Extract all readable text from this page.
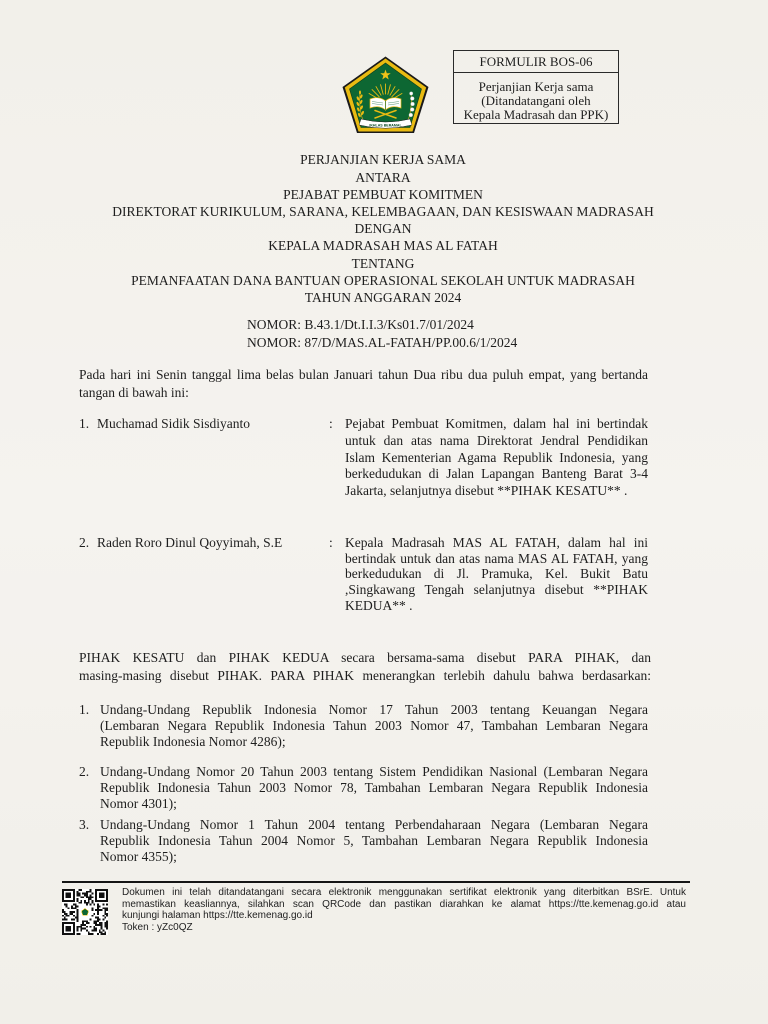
IKHLAS BERAMAL
FORMULIR BOS-06
Perjanjian Kerja sama
(Ditandatangani oleh
Kepala Madrasah dan PPK)
PERJANJIAN KERJA SAMA
ANTARA
PEJABAT PEMBUAT KOMITMEN
DIREKTORAT KURIKULUM, SARANA, KELEMBAGAAN, DAN KESISWAAN MADRASAH
DENGAN
KEPALA MADRASAH MAS AL FATAH
TENTANG
PEMANFAATAN DANA BANTUAN OPERASIONAL SEKOLAH UNTUK MADRASAH
TAHUN ANGGARAN 2024
NOMOR: B.43.1/Dt.I.I.3/Ks01.7/01/2024
NOMOR: 87/D/MAS.AL-FATAH/PP.00.6/1/2024
Pada hari ini Senin tanggal lima belas bulan Januari tahun Dua ribu dua puluh empat, yang bertanda
tangan di bawah ini:
1. Muchamad Sidik Sisdiyanto	: Pejabat Pembuat Komitmen, dalam hal ini bertindak
untuk dan atas nama Direktorat Jendral Pendidikan
Islam Kementerian Agama Republik Indonesia, yang
berkedudukan di Jalan Lapangan Banteng Barat 3-4
Jakarta, selanjutnya disebut **PIHAK KESATU** .
2. Raden Roro Dinul Qoyyimah, S.E	: Kepala Madrasah MAS AL FATAH, dalam hal ini
bertindak untuk dan atas nama MAS AL FATAH, yang
berkedudukan di Jl. Pramuka, Kel. Bukit Batu
,Singkawang Tengah selanjutnya disebut **PIHAK
KEDUA** .
PIHAK KESATU dan PIHAK KEDUA secara bersama-sama disebut PARA PIHAK, dan
masing-masing disebut PIHAK. PARA PIHAK menerangkan terlebih dahulu bahwa berdasarkan:
1. Undang-Undang Republik Indonesia Nomor 17 Tahun 2003 tentang Keuangan Negara
(Lembaran Negara Republik Indonesia Tahun 2003 Nomor 47, Tambahan Lembaran Negara
Republik Indonesia Nomor 4286);
2. Undang-Undang Nomor 20 Tahun 2003 tentang Sistem Pendidikan Nasional (Lembaran Negara
Republik Indonesia Tahun 2003 Nomor 78, Tambahan Lembaran Negara Republik Indonesia
Nomor 4301);
3. Undang-Undang Nomor 1 Tahun 2004 tentang Perbendaharaan Negara (Lembaran Negara
Republik Indonesia Tahun 2004 Nomor 5, Tambahan Lembaran Negara Republik Indonesia
Nomor 4355);
Dokumen ini telah ditandatangani secara elektronik menggunakan sertifikat elektronik yang diterbitkan BSrE. Untuk
memastikan keasliannya, silahkan scan QRCode dan pastikan diarahkan ke alamat https://tte.kemenag.go.id atau
kunjungi halaman https://tte.kemenag.go.id
Token : yZc0QZ
